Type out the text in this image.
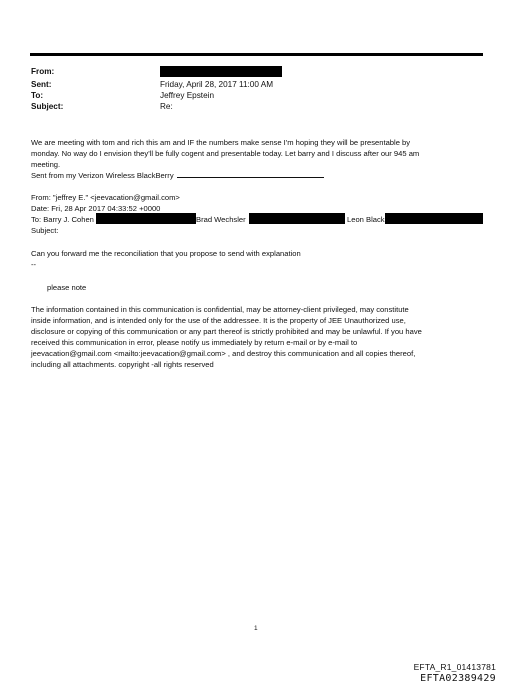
From:
Sent:	Friday, April 28, 2017 11:00 AM
To:	Jeffrey Epstein
Subject:	Re:
We are meeting with tom and rich this am and IF the numbers make sense I'm hoping they will be presentable by
monday. No way do I envision they'll be fully cogent and presentable today. Let barry and I discuss after our 945 am
meeting.
Sent from my Verizon Wireless BlackBerry
From: "jeffrey E." <jeevacation@gmail.com>
Date: Fri, 28 Apr 2017 04:33:52 +0000
Subject:
To: Barry J. Cohen	Brad Wechsler	Leon Black
Can you forward me the reconciliation that you propose to send with explanation
--
please note
The information contained in this communication is confidential, may be attorney-client privileged, may constitute
inside information, and is intended only for the use of the addressee. It is the property of JEE Unauthorized use,
disclosure or copying of this communication or any part thereof is strictly prohibited and may be unlawful. If you have
received this communication in error, please notify us immediately by return e-mail or by e-mail to
jeevacation@gmail.com <mailto:jeevacation@gmail.com> , and destroy this communication and all copies thereof,
including all attachments. copyright -all rights reserved
1
EFTA_R1_01413781
EFTA02389429
